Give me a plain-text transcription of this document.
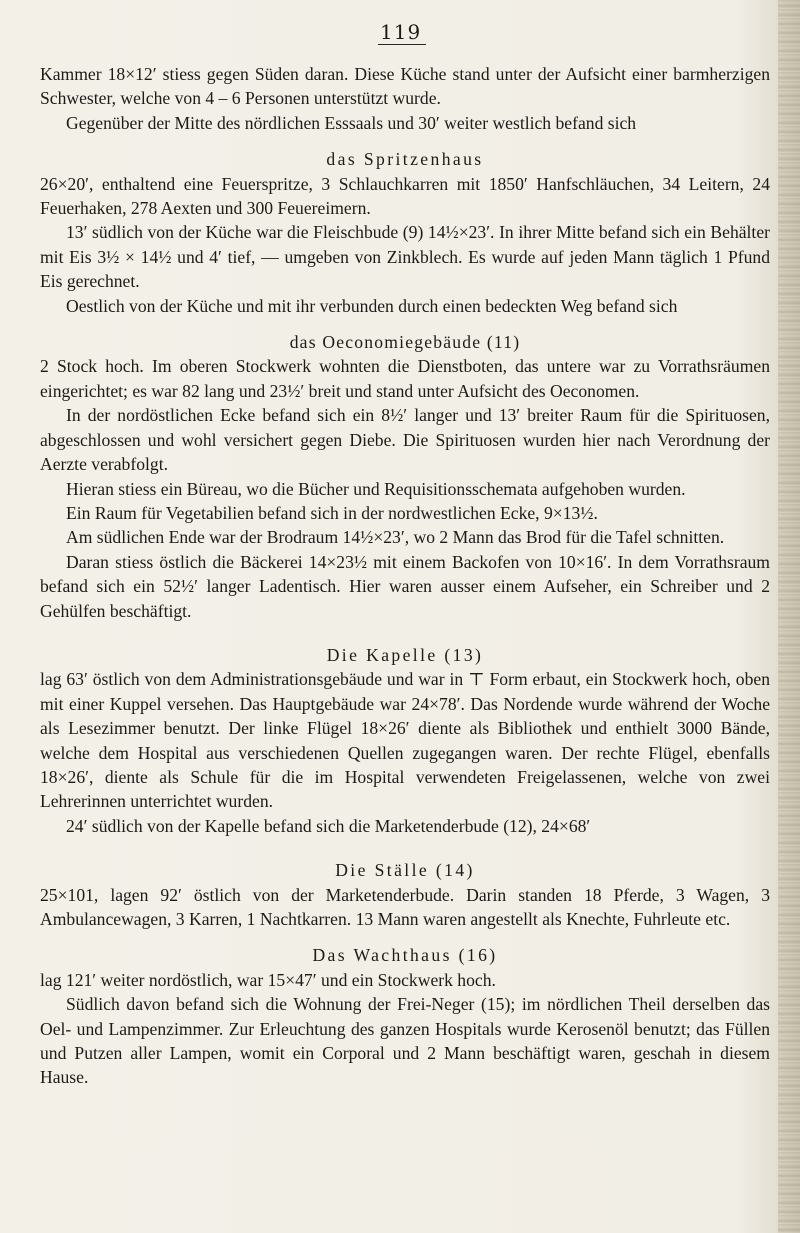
119

Kammer 18×12′ stiess gegen Süden daran. Diese Küche stand unter der Aufsicht einer barmherzigen Schwester, welche von 4 – 6 Personen unterstützt wurde.

Gegenüber der Mitte des nördlichen Esssaals und 30′ weiter westlich befand sich

das Spritzenhaus

26×20′, enthaltend eine Feuerspritze, 3 Schlauchkarren mit 1850′ Hanfschläuchen, 34 Leitern, 24 Feuerhaken, 278 Aexten und 300 Feuereimern.

13′ südlich von der Küche war die Fleischbude (9) 14½×23′. In ihrer Mitte befand sich ein Behälter mit Eis 3½ × 14½ und 4′ tief, — umgeben von Zinkblech. Es wurde auf jeden Mann täglich 1 Pfund Eis gerechnet.

Oestlich von der Küche und mit ihr verbunden durch einen bedeckten Weg befand sich

das Oeconomiegebäude (11)

2 Stock hoch. Im oberen Stockwerk wohnten die Dienstboten, das untere war zu Vorrathsräumen eingerichtet; es war 82 lang und 23½′ breit und stand unter Aufsicht des Oeconomen.

In der nordöstlichen Ecke befand sich ein 8½′ langer und 13′ breiter Raum für die Spirituosen, abgeschlossen und wohl versichert gegen Diebe. Die Spirituosen wurden hier nach Verordnung der Aerzte verabfolgt.

Hieran stiess ein Büreau, wo die Bücher und Requisitionsschemata aufgehoben wurden.

Ein Raum für Vegetabilien befand sich in der nordwestlichen Ecke, 9×13½.

Am südlichen Ende war der Brodraum 14½×23′, wo 2 Mann das Brod für die Tafel schnitten.

Daran stiess östlich die Bäckerei 14×23½ mit einem Backofen von 10×16′. In dem Vorrathsraum befand sich ein 52½′ langer Ladentisch. Hier waren ausser einem Aufseher, ein Schreiber und 2 Gehülfen beschäftigt.

Die Kapelle (13)

lag 63′ östlich von dem Administrationsgebäude und war in ⊤ Form erbaut, ein Stockwerk hoch, oben mit einer Kuppel versehen. Das Hauptgebäude war 24×78′. Das Nordende wurde während der Woche als Lesezimmer benutzt. Der linke Flügel 18×26′ diente als Bibliothek und enthielt 3000 Bände, welche dem Hospital aus verschiedenen Quellen zugegangen waren. Der rechte Flügel, ebenfalls 18×26′, diente als Schule für die im Hospital verwendeten Freigelassenen, welche von zwei Lehrerinnen unterrichtet wurden.

24′ südlich von der Kapelle befand sich die Marketenderbude (12), 24×68′

Die Ställe (14)

25×101, lagen 92′ östlich von der Marketenderbude. Darin standen 18 Pferde, 3 Wagen, 3 Ambulancewagen, 3 Karren, 1 Nachtkarren. 13 Mann waren angestellt als Knechte, Fuhrleute etc.

Das Wachthaus (16)

lag 121′ weiter nordöstlich, war 15×47′ und ein Stockwerk hoch.

Südlich davon befand sich die Wohnung der Frei-Neger (15); im nördlichen Theil derselben das Oel- und Lampenzimmer. Zur Erleuchtung des ganzen Hospitals wurde Kerosenöl benutzt; das Füllen und Putzen aller Lampen, womit ein Corporal und 2 Mann beschäftigt waren, geschah in diesem Hause.
